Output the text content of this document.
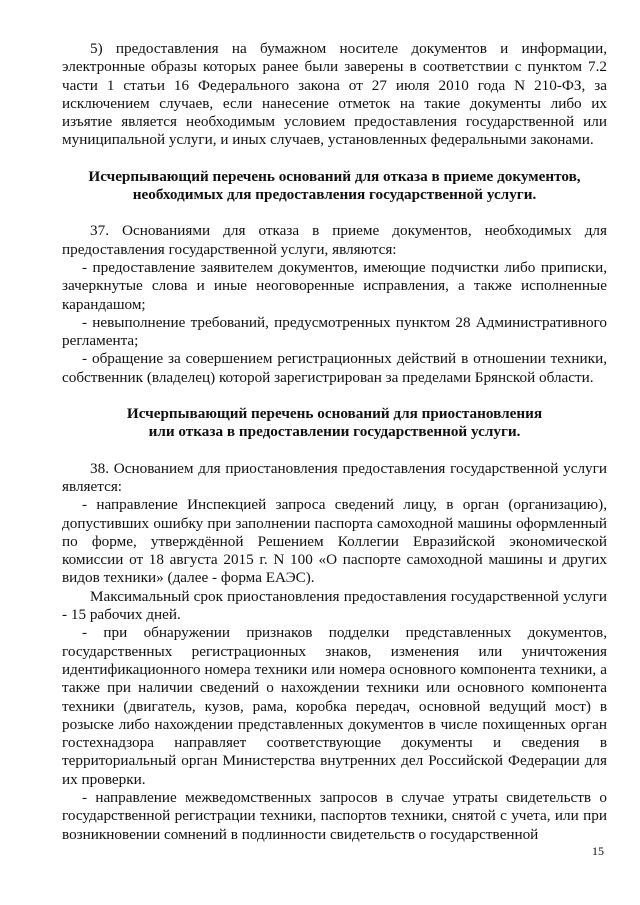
5) предоставления на бумажном носителе документов и информации, электронные образы которых ранее были заверены в соответствии с пунктом 7.2 части 1 статьи 16 Федерального закона от 27 июля 2010 года N 210-ФЗ, за исключением случаев, если нанесение отметок на такие документы либо их изъятие является необходимым условием предоставления государственной или муниципальной услуги, и иных случаев, установленных федеральными законами.

Исчерпывающий перечень оснований для отказа в приеме документов, необходимых для предоставления государственной услуги.

37. Основаниями для отказа в приеме документов, необходимых для предоставления государственной услуги, являются:

- предоставление заявителем документов, имеющие подчистки либо приписки, зачеркнутые слова и иные неоговоренные исправления, а также исполненные карандашом;

- невыполнение требований, предусмотренных пунктом 28 Административного регламента;

- обращение за совершением регистрационных действий в отношении техники, собственник (владелец) которой зарегистрирован за пределами Брянской области.

Исчерпывающий перечень оснований для приостановления
или отказа в предоставлении государственной услуги.

38. Основанием для приостановления предоставления государственной услуги является:

- направление Инспекцией запроса сведений лицу, в орган (организацию), допустивших ошибку при заполнении паспорта самоходной машины оформленный по форме, утверждённой Решением Коллегии Евразийской экономической комиссии от 18 августа 2015 г. N 100 «О паспорте самоходной машины и других видов техники» (далее - форма ЕАЭС).

Максимальный срок приостановления предоставления государственной услуги - 15 рабочих дней.

- при обнаружении признаков подделки представленных документов, государственных регистрационных знаков, изменения или уничтожения идентификационного номера техники или номера основного компонента техники, а также при наличии сведений о нахождении техники или основного компонента техники (двигатель, кузов, рама, коробка передач, основной ведущий мост) в розыске либо нахождении представленных документов в числе похищенных орган гостехнадзора направляет соответствующие документы и сведения в территориальный орган Министерства внутренних дел Российской Федерации для их проверки.

- направление межведомственных запросов в случае утраты свидетельств о государственной регистрации техники, паспортов техники, снятой с учета, или при возникновении сомнений в подлинности свидетельств о государственной

15
